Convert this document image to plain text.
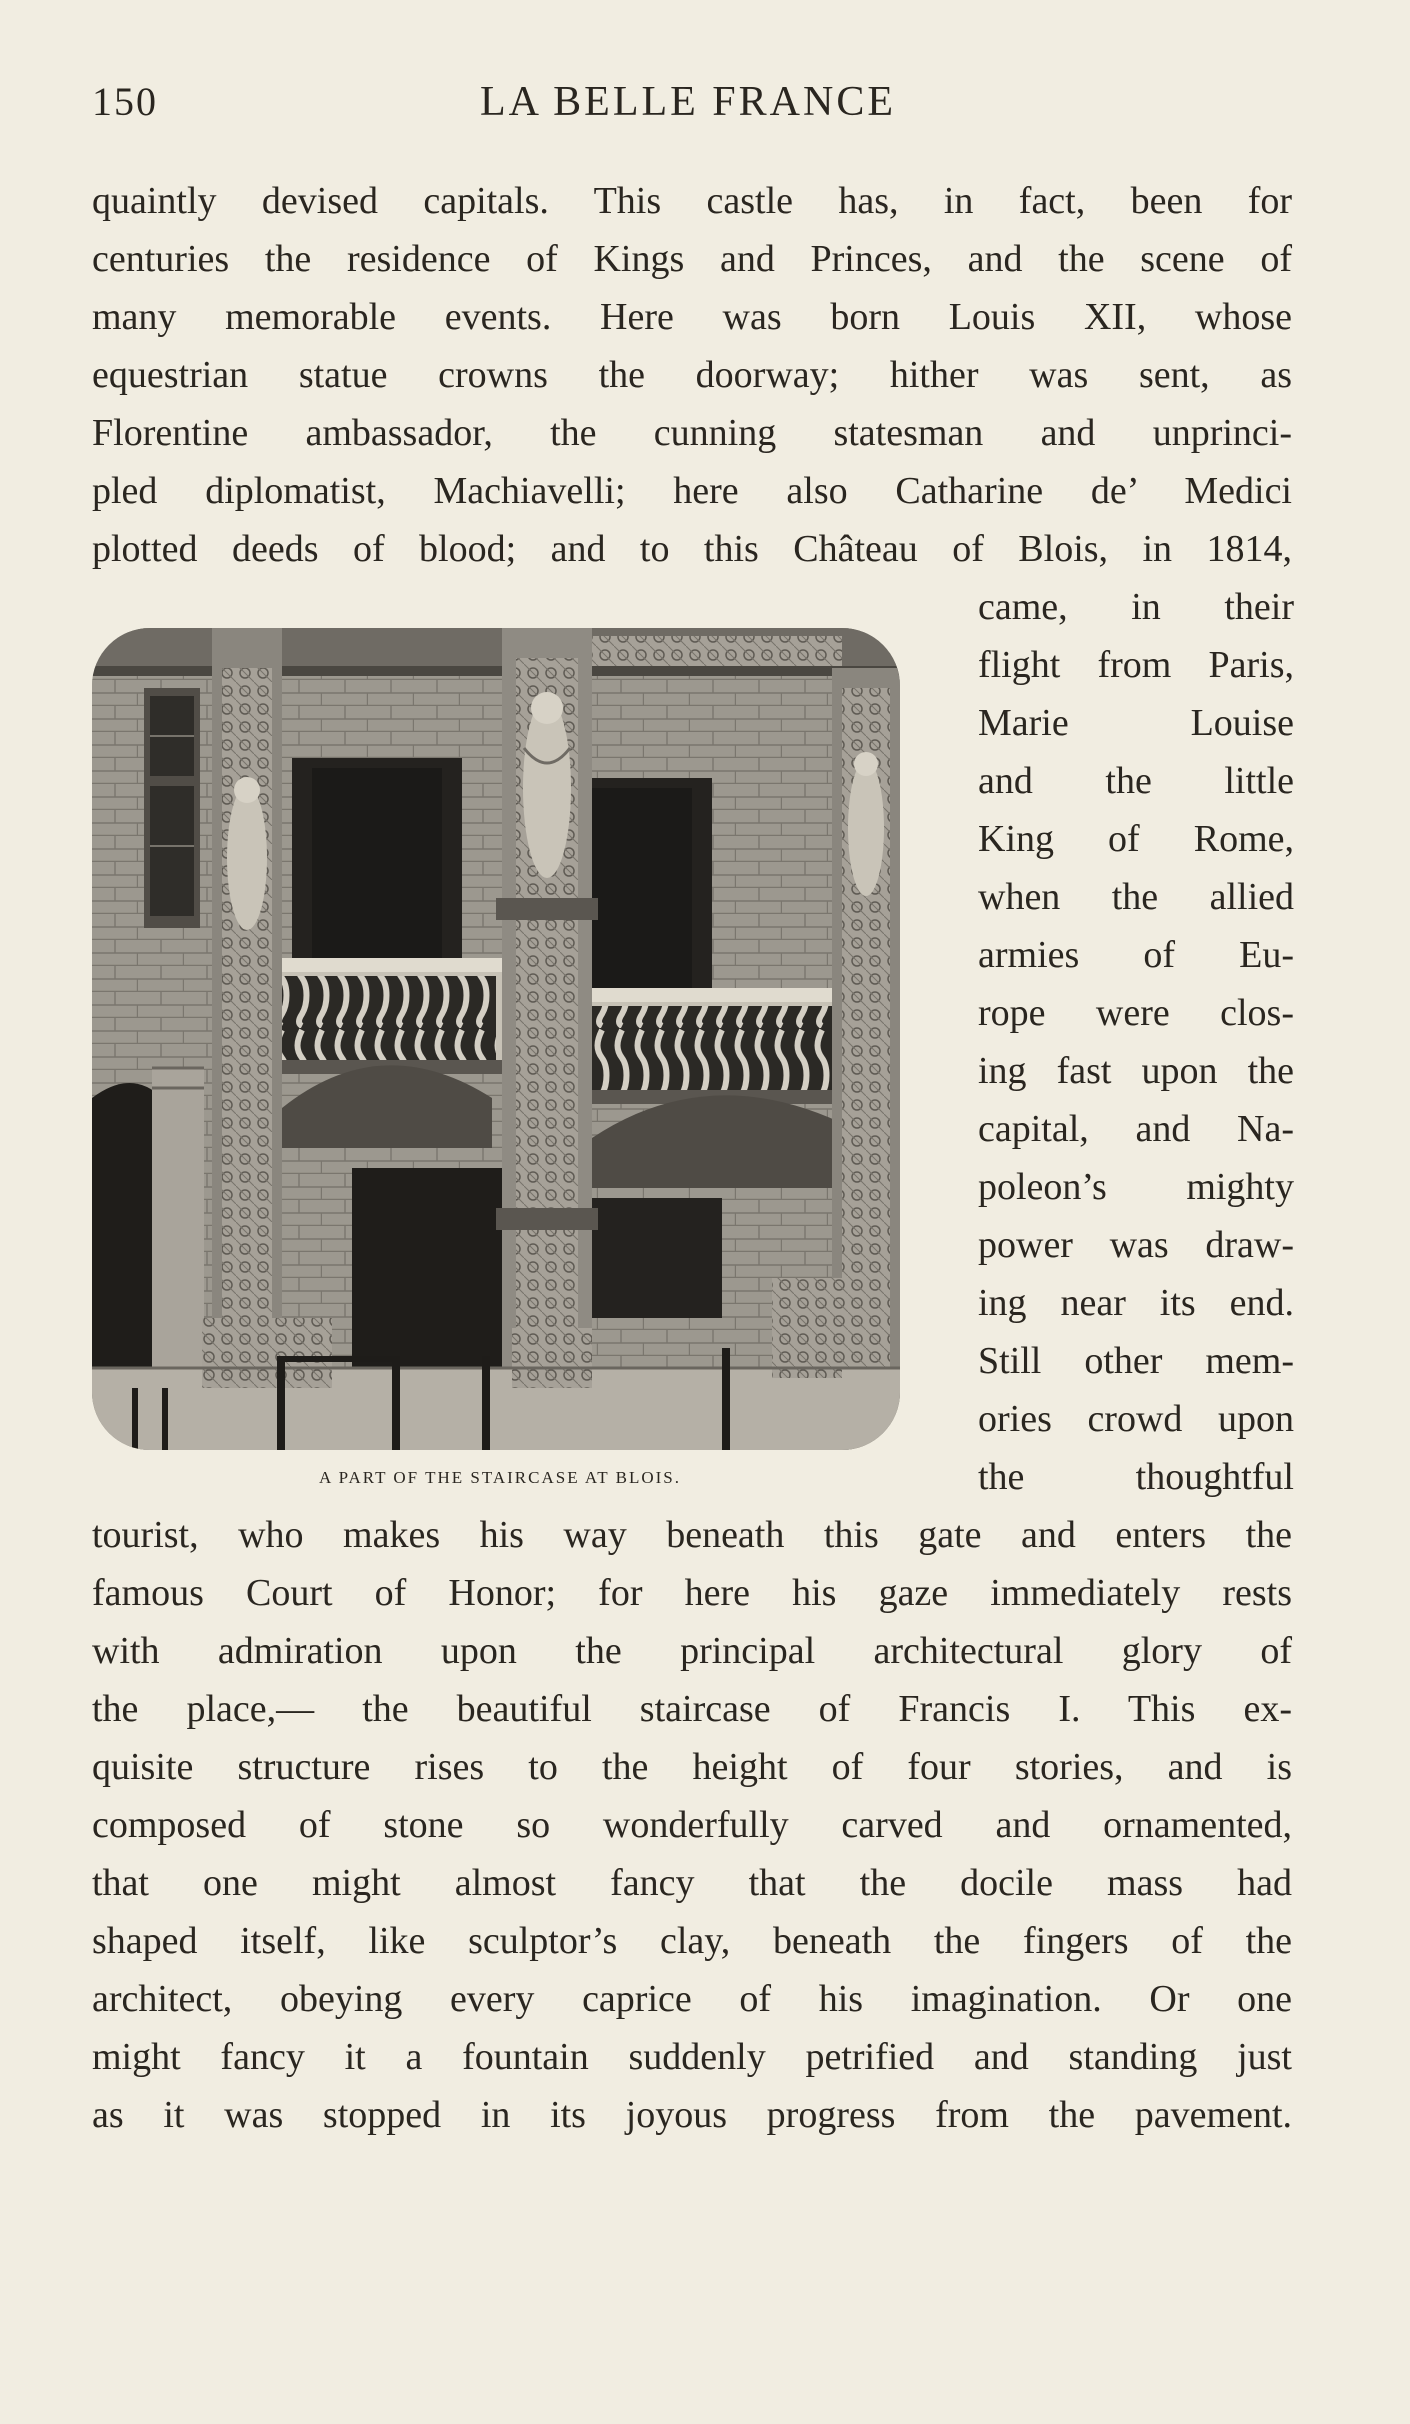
150	LA BELLE FRANCE
quaintly devised capitals. This castle has, in fact, been for
centuries the residence of Kings and Princes, and the scene of
many memorable events. Here was born Louis XII, whose
equestrian statue crowns the doorway; hither was sent, as
Florentine ambassador, the cunning statesman and unprinci-
pled diplomatist, Machiavelli; here also Catharine de’ Medici
plotted deeds of blood; and to this Château of Blois, in 1814,
came, in their
flight from Paris,
Marie Louise
and the little
King of Rome,
when the allied
armies of Eu-
rope were clos-
ing fast upon the
capital, and Na-
poleon’s mighty
power was draw-
ing near its end.
Still other mem-
ories crowd upon
the thoughtful
A PART OF THE STAIRCASE AT BLOIS.
tourist, who makes his way beneath this gate and enters the
famous Court of Honor; for here his gaze immediately rests
with admiration upon the principal architectural glory of
the place,— the beautiful staircase of Francis I. This ex-
quisite structure rises to the height of four stories, and is
composed of stone so wonderfully carved and ornamented,
that one might almost fancy that the docile mass had
shaped itself, like sculptor’s clay, beneath the fingers of the
architect, obeying every caprice of his imagination. Or one
might fancy it a fountain suddenly petrified and standing just
as it was stopped in its joyous progress from the pavement.
